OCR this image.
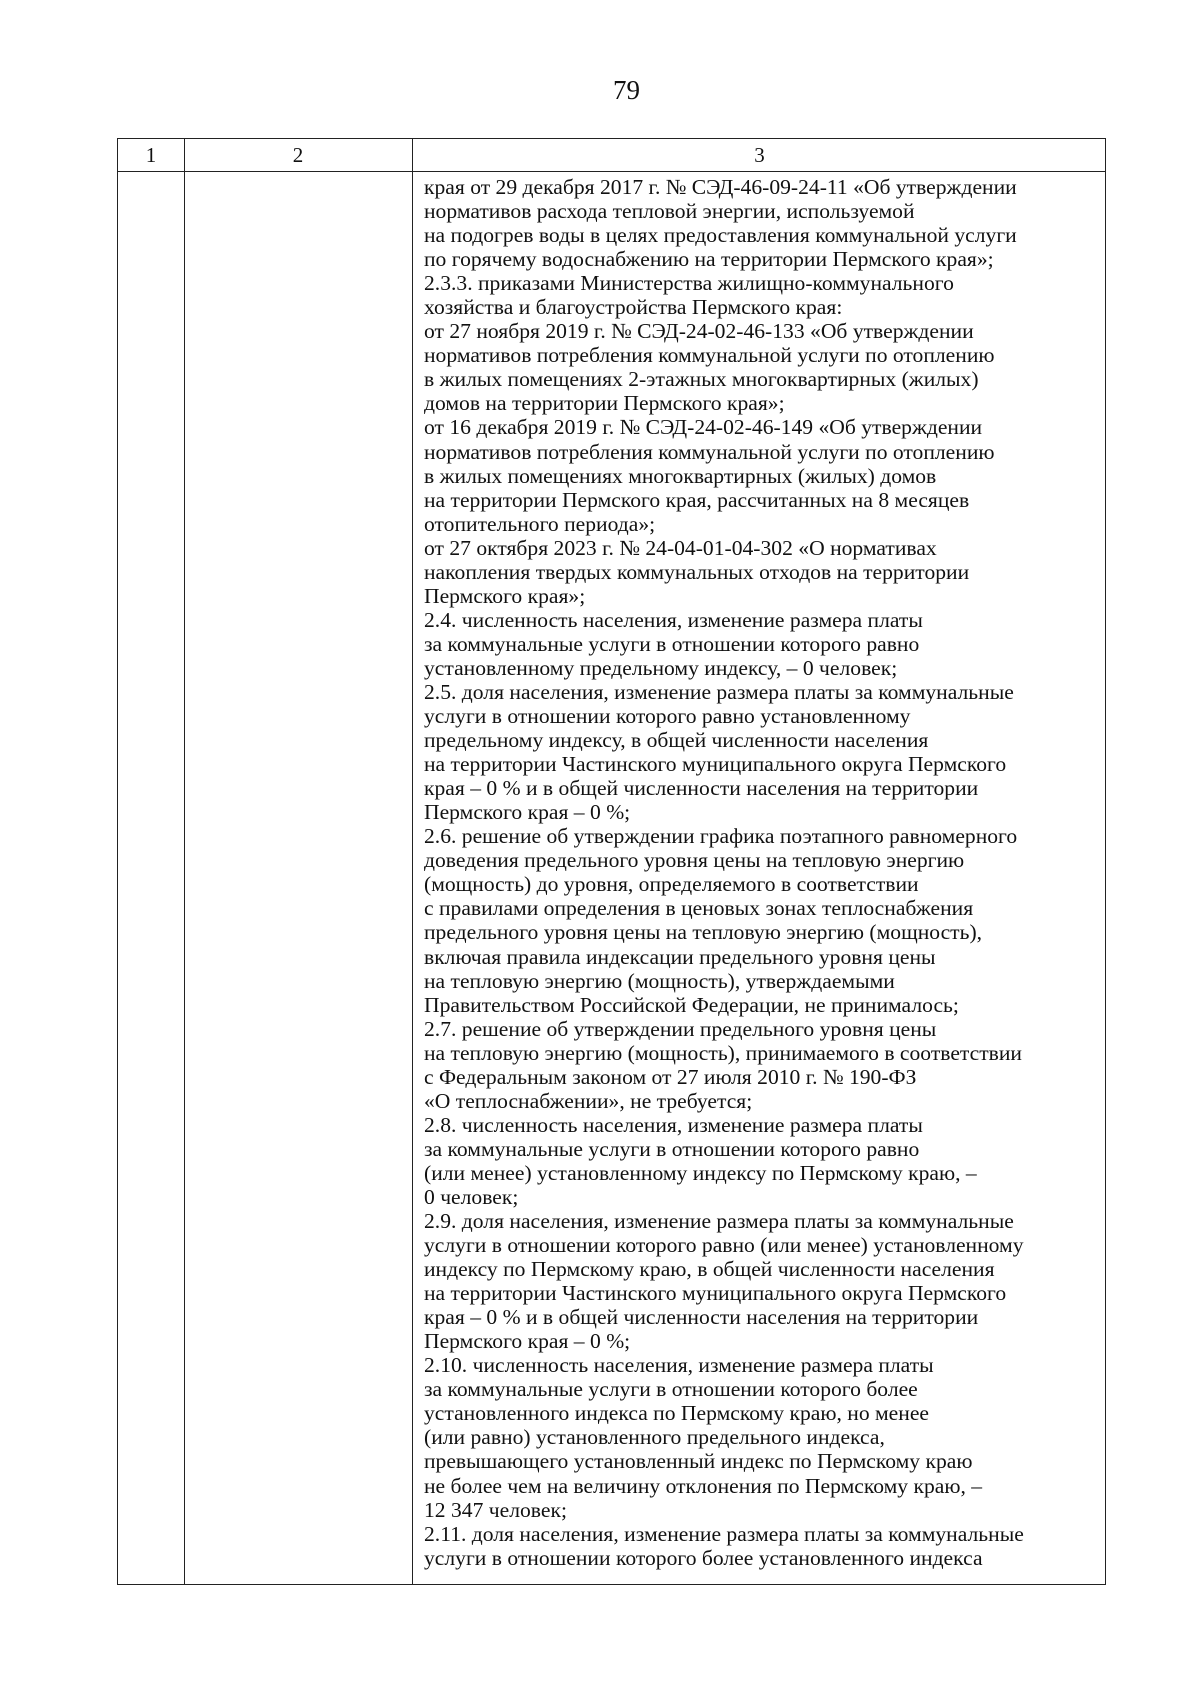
79
1	2	3
края от 29 декабря 2017 г. № СЭД-46-09-24-11 «Об утверждении
нормативов расхода тепловой энергии, используемой
на подогрев воды в целях предоставления коммунальной услуги
по горячему водоснабжению на территории Пермского края»;
2.3.3. приказами Министерства жилищно-коммунального
хозяйства и благоустройства Пермского края:
от 27 ноября 2019 г. № СЭД-24-02-46-133 «Об утверждении
нормативов потребления коммунальной услуги по отоплению
в жилых помещениях 2-этажных многоквартирных (жилых)
домов на территории Пермского края»;
от 16 декабря 2019 г. № СЭД-24-02-46-149 «Об утверждении
нормативов потребления коммунальной услуги по отоплению
в жилых помещениях многоквартирных (жилых) домов
на территории Пермского края, рассчитанных на 8 месяцев
отопительного периода»;
от 27 октября 2023 г. № 24-04-01-04-302 «О нормативах
накопления твердых коммунальных отходов на территории
Пермского края»;
2.4. численность населения, изменение размера платы
за коммунальные услуги в отношении которого равно
установленному предельному индексу, – 0 человек;
2.5. доля населения, изменение размера платы за коммунальные
услуги в отношении которого равно установленному
предельному индексу, в общей численности населения
на территории Частинского муниципального округа Пермского
края – 0 % и в общей численности населения на территории
Пермского края – 0 %;
2.6. решение об утверждении графика поэтапного равномерного
доведения предельного уровня цены на тепловую энергию
(мощность) до уровня, определяемого в соответствии
с правилами определения в ценовых зонах теплоснабжения
предельного уровня цены на тепловую энергию (мощность),
включая правила индексации предельного уровня цены
на тепловую энергию (мощность), утверждаемыми
Правительством Российской Федерации, не принималось;
2.7. решение об утверждении предельного уровня цены
на тепловую энергию (мощность), принимаемого в соответствии
с Федеральным законом от 27 июля 2010 г. № 190-ФЗ
«О теплоснабжении», не требуется;
2.8. численность населения, изменение размера платы
за коммунальные услуги в отношении которого равно
(или менее) установленному индексу по Пермскому краю, –
0 человек;
2.9. доля населения, изменение размера платы за коммунальные
услуги в отношении которого равно (или менее) установленному
индексу по Пермскому краю, в общей численности населения
на территории Частинского муниципального округа Пермского
края – 0 % и в общей численности населения на территории
Пермского края – 0 %;
2.10. численность населения, изменение размера платы
за коммунальные услуги в отношении которого более
установленного индекса по Пермскому краю, но менее
(или равно) установленного предельного индекса,
превышающего установленный индекс по Пермскому краю
не более чем на величину отклонения по Пермскому краю, –
12 347 человек;
2.11. доля населения, изменение размера платы за коммунальные
услуги в отношении которого более установленного индекса
